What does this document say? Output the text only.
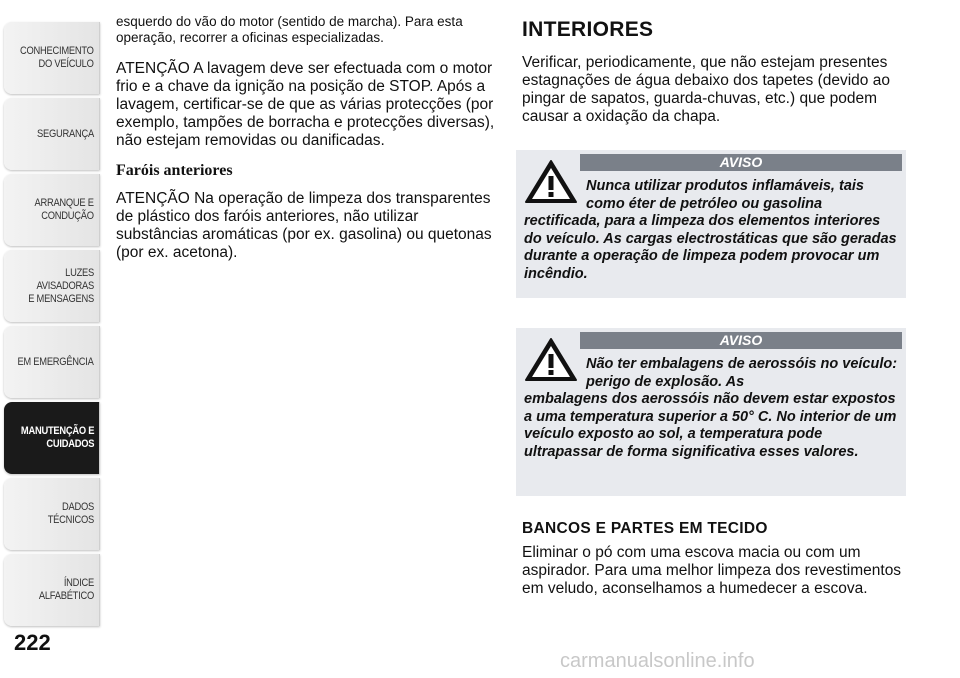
CONHECIMENTO
DO VEÍCULO
SEGURANÇA
ARRANQUE E
CONDUÇÃO
LUZES AVISADORAS
E MENSAGENS
EM EMERGÊNCIA
MANUTENÇÃO E
CUIDADOS
DADOS TÉCNICOS
ÍNDICE ALFABÉTICO
222

esquerdo do vão do motor (sentido de marcha). Para esta operação, recorrer a oficinas especializadas.

ATENÇÃO A lavagem deve ser efectuada com o motor frio e a chave da ignição na posição de STOP. Após a lavagem, certificar-se de que as várias protecções (por exemplo, tampões de borracha e protecções diversas), não estejam removidas ou danificadas.

Faróis anteriores

ATENÇÃO Na operação de limpeza dos transparentes de plástico dos faróis anteriores, não utilizar substâncias aromáticas (por ex. gasolina) ou quetonas (por ex. acetona).

INTERIORES

Verificar, periodicamente, que não estejam presentes estagnações de água debaixo dos tapetes (devido ao pingar de sapatos, guarda-chuvas, etc.) que podem causar a oxidação da chapa.

AVISO
Nunca utilizar produtos inflamáveis, tais como éter de petróleo ou gasolina
rectificada, para a limpeza dos elementos interiores do veículo. As cargas electrostáticas que são geradas durante a operação de limpeza podem provocar um incêndio.
AVISO
Não ter embalagens de aerossóis no veículo: perigo de explosão. As
embalagens dos aerossóis não devem estar expostos a uma temperatura superior a 50° C. No interior de um veículo exposto ao sol, a temperatura pode ultrapassar de forma significativa esses valores.
BANCOS E PARTES EM TECIDO

Eliminar o pó com uma escova macia ou com um aspirador. Para uma melhor limpeza dos revestimentos em veludo, aconselhamos a humedecer a escova.

carmanualsonline.info
